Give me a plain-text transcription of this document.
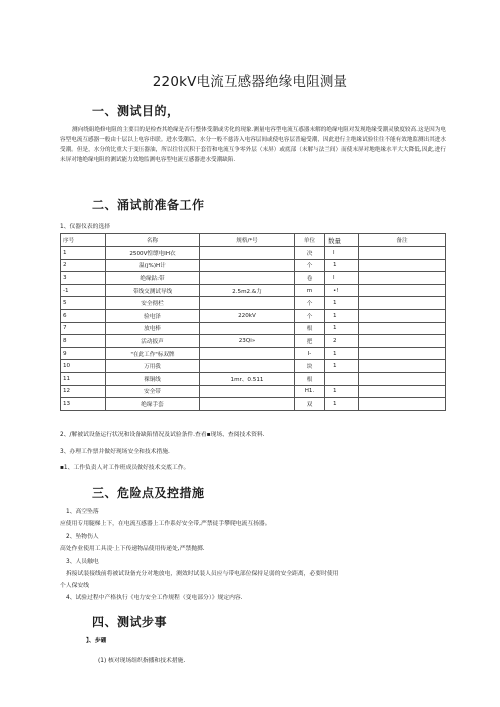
220kV电流互感器绝缘电阻测量
一、测试目的，
测向绕組绝修电阻的主要目的是检查其绝缘是否行整体受潮或劣化的现象.测量电容型电流互惑器末解的绝缘电阻对发现绝缘受潮灵敏度较高.这是因为电容型电流互感器一般由十层以上电容串联。进水受潮后，水分一般不慈涛入电容层间或使电容层普遍受潮，因此进行主绝缘试验往往不能有效地监测出其进水受潮。但是，水分的比重大于变压器油，所以往往沉积于套管和电流互争零外层（末屏）或底部（末解与法兰间）而使末屏对地绝缘水平大大降低,因此,进行未屏对地绝缘电阻的测试能力效地监测电容型电流互感器进水受潮缺陷.
二、涌试前准备工作
1、仪器仪表的选择
序号	名称	规格/*号	单位	数量	备注
1	2500V惶缥电IH衣		决	l	
2	温(j%)H计		个	1	
3	绝缘鈷:带		卷	l	
-1	带线交测试导线	2.5m2.&力	m	•!	
5	安全彻栏		个	1	
6	验电泽	220kV	个	1	
7	放电棒		根	1	
8	活动扳声	23Qi»	把	2	
9	"在此工作"标双牌		I-	1	
10	万用我		块	1	
11	裸铜线	1mr、0.511	根		
12	安全带		H1.	1	
13	绝缘手套		双	1	
2、/解被试设备运行状况和设备缺陷情况及试验条件.查看▪现场、查阅技术资料.
3、办理工作票并做好现场安全和技术措施.
▪1、工作负责人对工作班成员做好技术交底工作。
三、危险点及控措施
1、高空坠落
应使用专用腿梯上下，在电流互感器上工作系好安全带,严禁徒手攀爬电流互扬器。
2、坠物伤人
高处作业使用工具凌·上下传递物品使用传递处,严禁抛掷.
3、人员触电
拆接试装接线前将被试设备充分对地放电，测效时试装人员应与带电部位保持足弱的安全距离，必要时使用
个人保安线
4、试验过程中产格执行《电力安全工作规程（变电部分）》规定内容.
四、测试步事
】、步硼
(1) 核对现场组织指播和技术措施.
